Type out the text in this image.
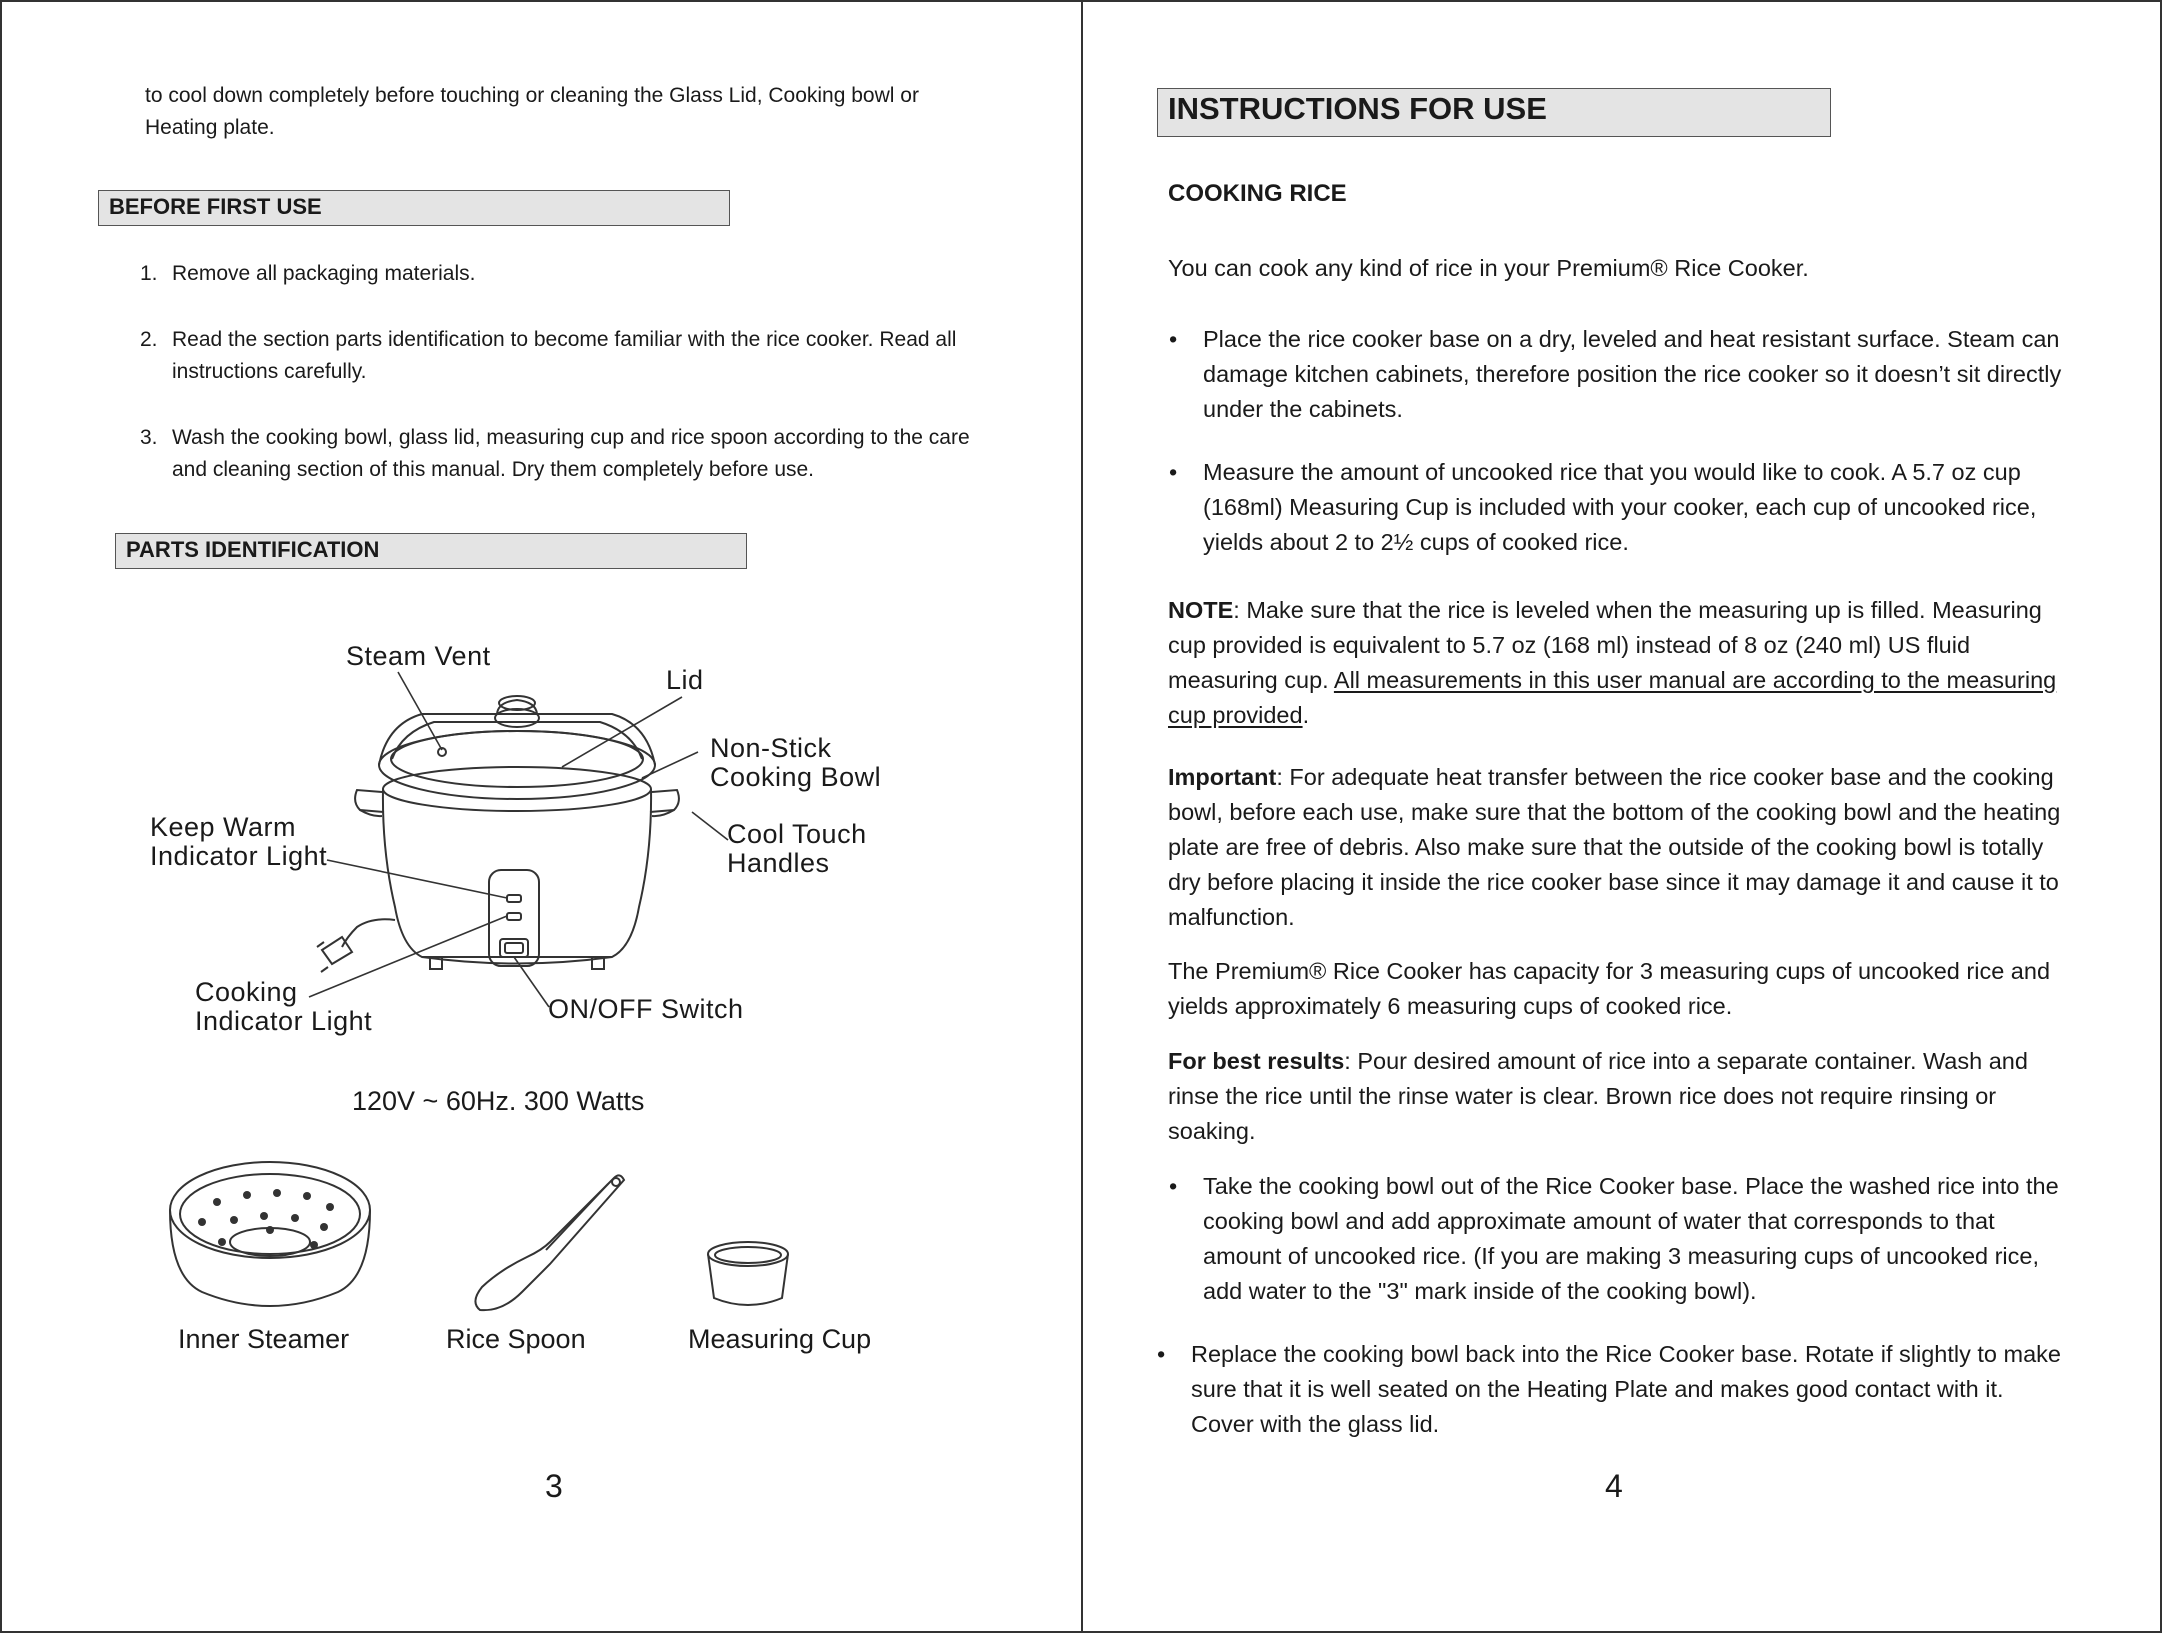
to cool down completely before touching or cleaning the Glass Lid, Cooking bowl or Heating plate.
BEFORE FIRST USE
1. Remove all packaging materials.
2. Read the section parts identification to become familiar with the rice cooker. Read all instructions carefully.
3. Wash the cooking bowl, glass lid, measuring cup and rice spoon according to the care and cleaning section of this manual. Dry them completely before use.
PARTS IDENTIFICATION
Steam Vent
Lid
Non-Stick
Cooking Bowl
Keep Warm
Indicator Light
Cool Touch
Handles
Cooking
Indicator Light	ON/OFF Switch
120V ~ 60Hz. 300 Watts
Inner Steamer	Rice Spoon	Measuring Cup
3
INSTRUCTIONS FOR USE
COOKING RICE
You can cook any kind of rice in your Premium® Rice Cooker.
• Place the rice cooker base on a dry, leveled and heat resistant surface. Steam can damage kitchen cabinets, therefore position the rice cooker so it doesn’t sit directly under the cabinets.
• Measure the amount of uncooked rice that you would like to cook. A 5.7 oz cup (168ml) Measuring Cup is included with your cooker, each cup of uncooked rice, yields about 2 to 2½ cups of cooked rice.
NOTE: Make sure that the rice is leveled when the measuring up is filled. Measuring cup provided is equivalent to 5.7 oz (168 ml) instead of 8 oz (240 ml) US fluid measuring cup. All measurements in this user manual are according to the measuring cup provided.
Important: For adequate heat transfer between the rice cooker base and the cooking bowl, before each use, make sure that the bottom of the cooking bowl and the heating plate are free of debris. Also make sure that the outside of the cooking bowl is totally dry before placing it inside the rice cooker base since it may damage it and cause it to malfunction.
The Premium® Rice Cooker has capacity for 3 measuring cups of uncooked rice and yields approximately 6 measuring cups of cooked rice.
For best results: Pour desired amount of rice into a separate container. Wash and rinse the rice until the rinse water is clear. Brown rice does not require rinsing or soaking.
• Take the cooking bowl out of the Rice Cooker base. Place the washed rice into the cooking bowl and add approximate amount of water that corresponds to that amount of uncooked rice. (If you are making 3 measuring cups of uncooked rice, add water to the "3" mark inside of the cooking bowl).
• Replace the cooking bowl back into the Rice Cooker base. Rotate if slightly to make sure that it is well seated on the Heating Plate and makes good contact with it. Cover with the glass lid.
4
